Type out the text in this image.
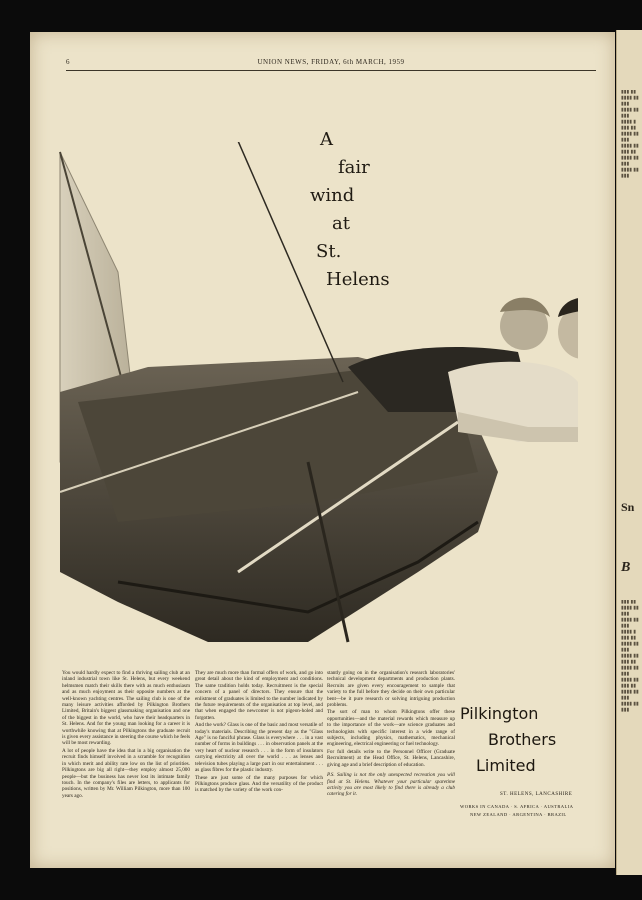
6	UNION NEWS, FRIDAY, 6th MARCH, 1959
A
fair
wind
at
St.
Helens

You would hardly expect to find a thriving sailing club at an inland industrial town like St. Helens, but every weekend helmsmen match their skills there with as much enthusiasm and as much enjoyment as their opposite numbers at the well-known yachting centres. The sailing club is one of the many leisure activities afforded by Pilkington Brothers Limited, Britain's biggest glassmaking organisation and one of the biggest in the world, who have their headquarters in St. Helens. And for the young man looking for a career it is worthwhile knowing that at Pilkingtons the graduate recruit is given every assistance in steering the course which he feels will be most rewarding.

A lot of people have the idea that in a big organisation the recruit finds himself involved in a scramble for recognition in which merit and ability rate low on the list of priorities. Pilkingtons are big all right—they employ almost 25,000 people—but the business has never lost its intimate family touch. In the company's files are letters, to applicants for positions, written by Mr. William Pilkington, more than 100 years ago.

They are much more than formal offers of work, and go into great detail about the kind of employment and conditions. The same tradition holds today. Recruitment is the special concern of a panel of directors. They ensure that the enlistment of graduates is limited to the number indicated by the future requirements of the organisation at top level, and that when engaged the newcomer is not pigeon-holed and forgotten.

And the work? Glass is one of the basic and most versatile of today's materials. Describing the present day as the "Glass Age" is no fanciful phrase. Glass is everywhere . . . in a vast number of forms in buildings . . . in observation panels at the very heart of nuclear research . . . in the form of insulators carrying electricity all over the world . . . as lenses and television tubes playing a large part in our entertainment . . . as glass fibres for the plastic industry.

These are just some of the many purposes for which Pilkingtons produce glass. And the versatility of the product is matched by the variety of the work con-

stantly going on in the organisation's research laboratories' technical development departments and production plants. Recruits are given every encouragement to sample that variety to the full before they decide on their own particular bent—be it pure research or solving intriguing production problems.

The sort of man to whom Pilkingtons offer these opportunities—and the material rewards which measure up to the importance of the work—are science graduates and technologists with specific interest in a wide range of subjects, including physics, mathematics, mechanical engineering, electrical engineering or fuel technology.

For full details write to the Personnel Officer (Graduate Recruitment) at the Head Office, St. Helens, Lancashire, giving age and a brief description of education.

P.S. Sailing is not the only unexpected recreation you will find at St. Helens. Whatever your particular sparetime activity you are most likely to find there is already a club catering for it.

Pilkington
Brothers
Limited
ST. HELENS, LANCASHIRE
WORKS IN CANADA · S. AFRICA · AUSTRALIA
NEW ZEALAND · ARGENTINA · BRAZIL
▮▮▮ ▮▮ ▮▮▮▮ ▮▮ ▮▮▮ ▮▮▮▮ ▮▮ ▮▮▮ ▮▮▮▮ ▮ ▮▮▮ ▮▮ ▮▮▮▮ ▮▮ ▮▮▮ ▮▮▮▮ ▮▮ ▮▮▮ ▮▮ ▮▮▮▮ ▮▮ ▮▮▮ ▮▮▮▮ ▮▮ ▮▮▮
Sn
B
▮▮▮ ▮▮ ▮▮▮▮ ▮▮ ▮▮▮ ▮▮▮▮ ▮▮ ▮▮▮ ▮▮▮▮ ▮ ▮▮▮ ▮▮ ▮▮▮▮ ▮▮ ▮▮▮ ▮▮▮▮ ▮▮ ▮▮▮ ▮▮ ▮▮▮▮ ▮▮ ▮▮▮ ▮▮▮▮ ▮▮ ▮▮▮ ▮▮ ▮▮▮▮ ▮▮ ▮▮▮ ▮▮▮▮ ▮▮ ▮▮▮
